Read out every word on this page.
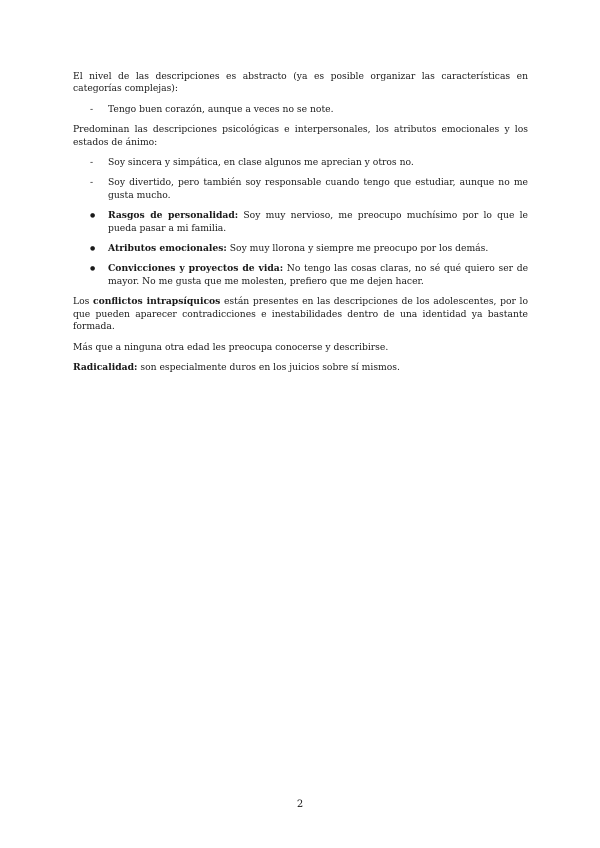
El nivel de las descripciones es abstracto (ya es posible organizar las características en categorías complejas):

-
Tengo buen corazón, aunque a veces no se note.

Predominan las descripciones psicológicas e interpersonales, los atributos emocionales y los estados de ánimo:

-
Soy sincera y simpática, en clase algunos me aprecian y otros no.
-
Soy divertido, pero también soy responsable cuando tengo que estudiar, aunque no me gusta mucho.
●
Rasgos de personalidad: Soy muy nervioso, me preocupo muchísimo por lo que le pueda pasar a mi familia.
●
Atributos emocionales: Soy muy llorona y siempre me preocupo por los demás.
●
Convicciones y proyectos de vida: No tengo las cosas claras, no sé qué quiero ser de mayor. No me gusta que me molesten, prefiero que me dejen hacer.

Los conflictos intrapsíquicos están presentes en las descripciones de los adolescentes, por lo que pueden aparecer contradicciones e inestabilidades dentro de una identidad ya bastante formada.

Más que a ninguna otra edad les preocupa conocerse y describirse.

Radicalidad: son especialmente duros en los juicios sobre sí mismos.

2
